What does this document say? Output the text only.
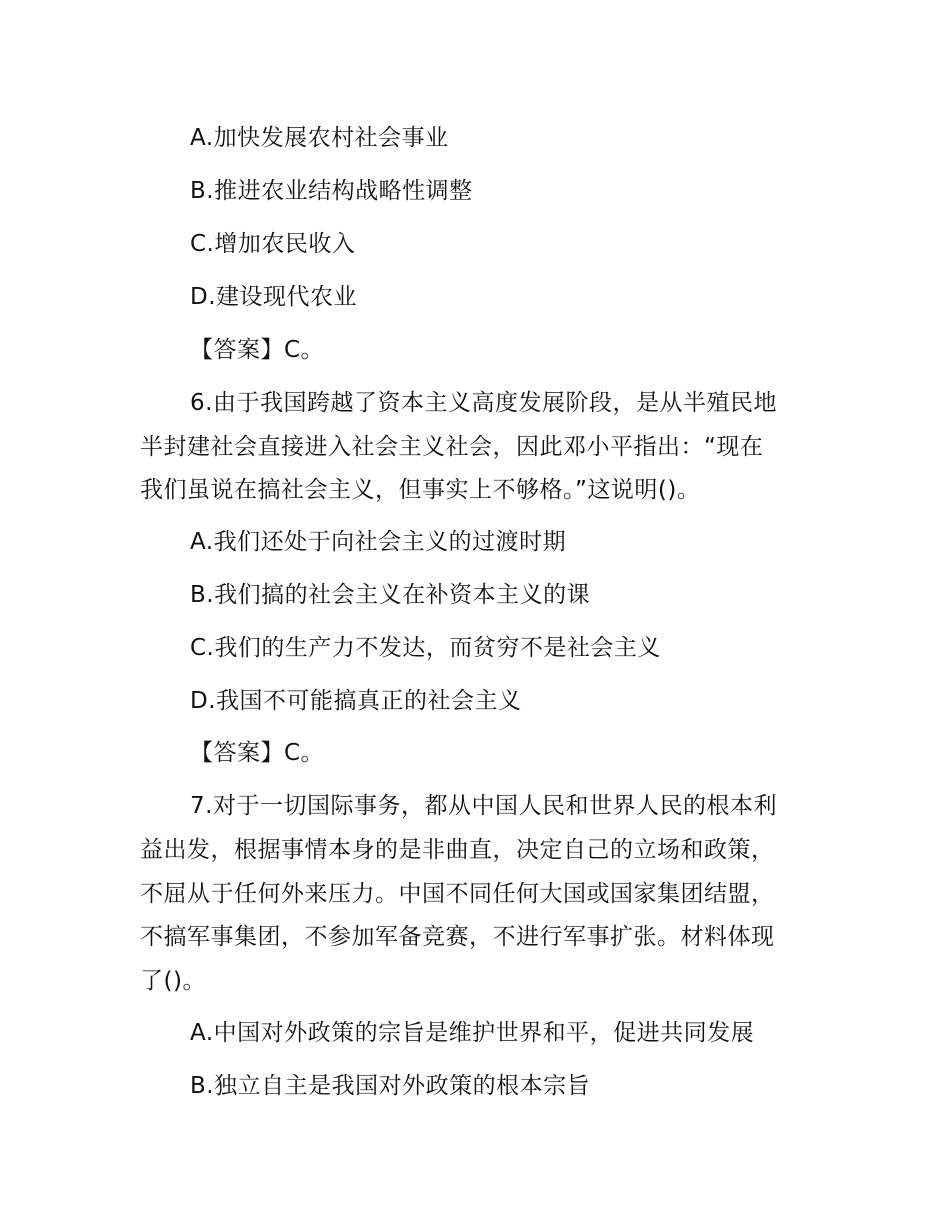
A.加快发展农村社会事业
B.推进农业结构战略性调整
C.增加农民收入
D.建设现代农业
【答案】C。
6.由于我国跨越了资本主义高度发展阶段，是从半殖民地
半封建社会直接进入社会主义社会，因此邓小平指出：“现在
我们虽说在搞社会主义，但事实上不够格。”这说明()。
A.我们还处于向社会主义的过渡时期
B.我们搞的社会主义在补资本主义的课
C.我们的生产力不发达，而贫穷不是社会主义
D.我国不可能搞真正的社会主义
【答案】C。
7.对于一切国际事务，都从中国人民和世界人民的根本利
益出发，根据事情本身的是非曲直，决定自己的立场和政策，
不屈从于任何外来压力。中国不同任何大国或国家集团结盟，
不搞军事集团，不参加军备竞赛，不进行军事扩张。材料体现
了()。
A.中国对外政策的宗旨是维护世界和平，促进共同发展
B.独立自主是我国对外政策的根本宗旨
